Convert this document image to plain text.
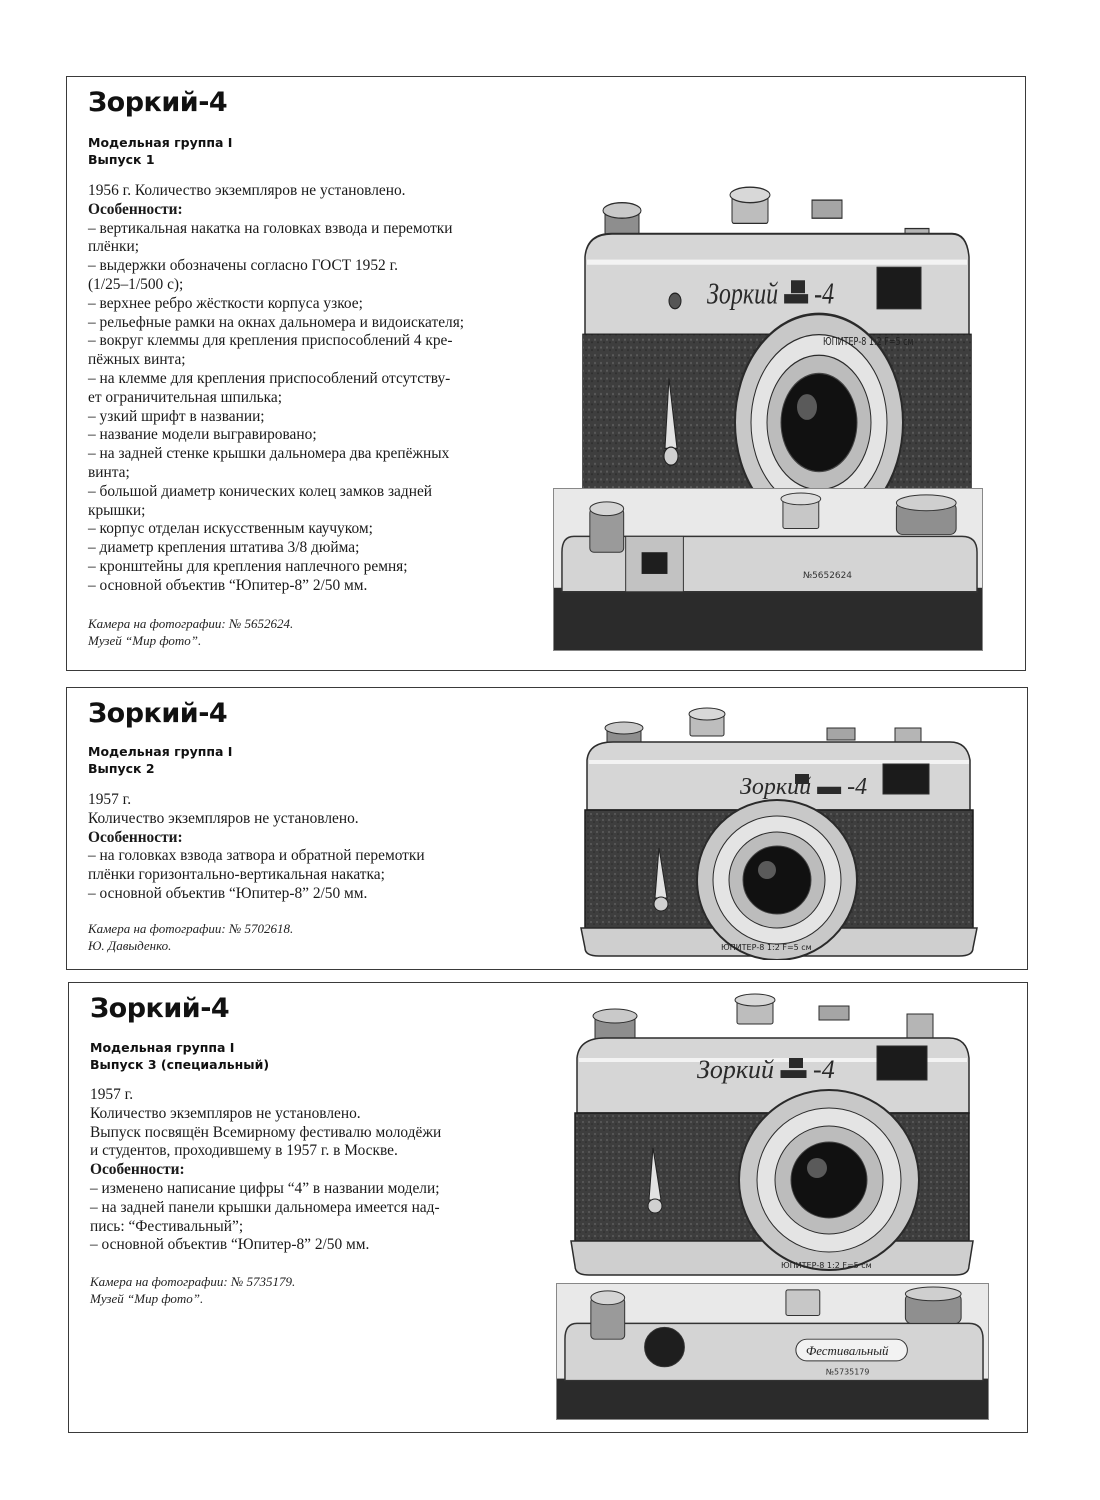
Зоркий-4
Модельная группа I
Выпуск 1
1956 г. Количество экземпляров не установлено.
Особенности:
– вертикальная накатка на головках взвода и перемотки
плёнки;
– выдержки обозначены согласно ГОСТ 1952 г.
(1/25–1/500 с);
– верхнее ребро жёсткости корпуса узкое;
– рельефные рамки на окнах дальномера и видоискателя;
– вокруг клеммы для крепления приспособлений 4 кре-
пёжных винта;
– на клемме для крепления приспособлений отсутству-
ет ограничительная шпилька;
– узкий шрифт в названии;
– название модели выгравировано;
– на задней стенке крышки дальномера два крепёжных
винта;
– большой диаметр конических колец замков задней
крышки;
– корпус отделан искусственным каучуком;
– диаметр крепления штатива 3/8 дюйма;
– кронштейны для крепления наплечного ремня;
– основной объектив “Юпитер-8” 2/50 мм.
Камера на фотографии: № 5652624.
Музей “Мир фото”.
Зоркий ▬ -4
ЮПИТЕР-8 1:2 F=5 см
№5652624
Зоркий-4
Модельная группа I
Выпуск 2
1957 г.
Количество экземпляров не установлено.
Особенности:
– на головках взвода затвора и обратной перемотки
плёнки горизонтально-вертикальная накатка;
– основной объектив “Юпитер-8” 2/50 мм.
Камера на фотографии: № 5702618.
Ю. Давыденко.
Зоркий ▬ -4
ЮПИТЕР-8 1:2 F=5 см
Зоркий-4
Модельная группа I
Выпуск 3 (специальный)
1957 г.
Количество экземпляров не установлено.
Выпуск посвящён Всемирному фестивалю молодёжи
и студентов, проходившему в 1957 г. в Москве.
Особенности:
– изменено написание цифры “4” в названии модели;
– на задней панели крышки дальномера имеется над-
пись: “Фестивальный”;
– основной объектив “Юпитер-8” 2/50 мм.
Камера на фотографии: № 5735179.
Музей “Мир фото”.
Зоркий ▬ -4
ЮПИТЕР-8 1:2 F=5 см
Фестивальный
№5735179
